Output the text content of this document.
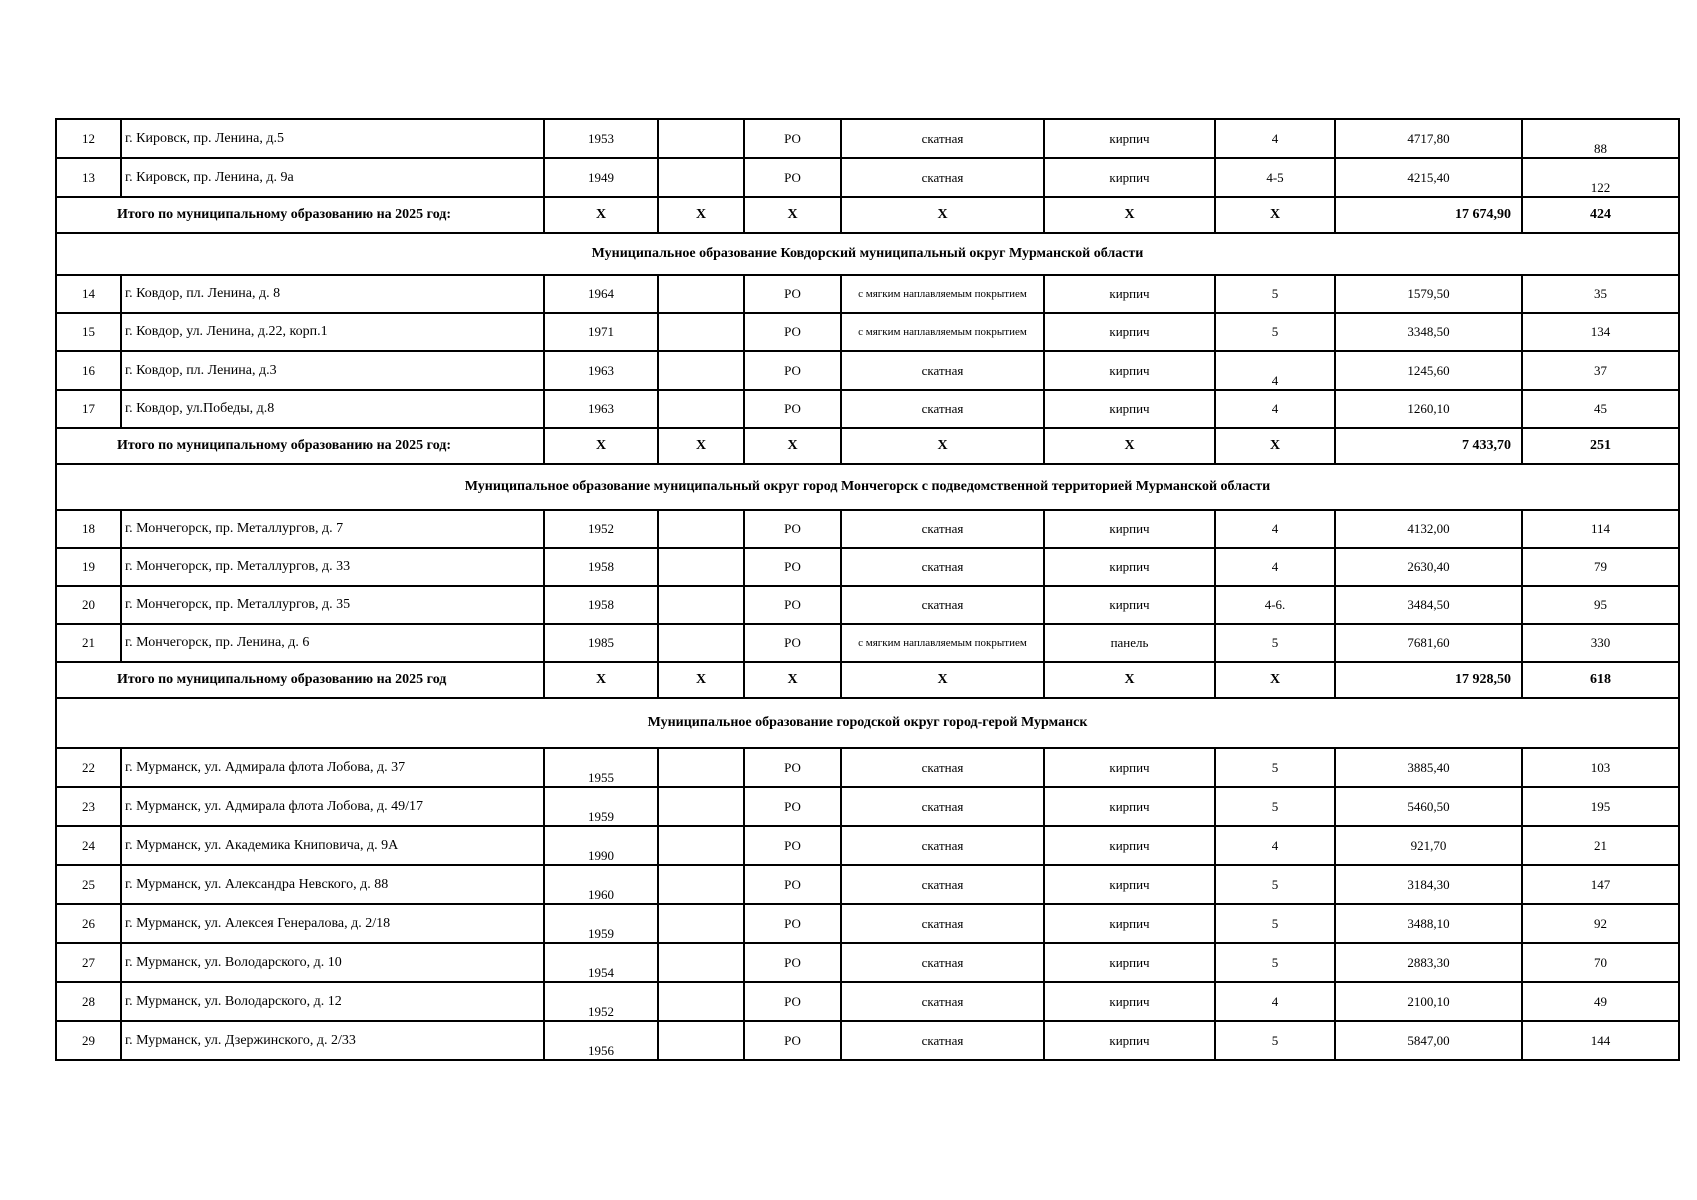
12	г. Кировск, пр. Ленина, д.5	1953		РО	скатная	кирпич	4	4717,80	88
13	г. Кировск, пр. Ленина, д. 9а	1949		РО	скатная	кирпич	4-5	4215,40	122
Итого по муниципальному образованию на 2025 год:		X	X	X	X	X	X	17 674,90	424
Муниципальное образование Ковдорский муниципальный округ Мурманской области									
14	г. Ковдор, пл. Ленина, д. 8	1964		РО	с мягким наплавляемым покрытием	кирпич	5	1579,50	35
15	г. Ковдор, ул. Ленина, д.22, корп.1	1971		РО	с мягким наплавляемым покрытием	кирпич	5	3348,50	134
16	г. Ковдор, пл. Ленина, д.3	1963		РО	скатная	кирпич	4	1245,60	37
17	г. Ковдор, ул.Победы, д.8	1963		РО	скатная	кирпич	4	1260,10	45
Итого по муниципальному образованию на 2025 год:		X	X	X	X	X	X	7 433,70	251
Муниципальное образование муниципальный округ город Мончегорск с подведомственной территорией Мурманской области									
18	г. Мончегорск, пр. Металлургов, д. 7	1952		РО	скатная	кирпич	4	4132,00	114
19	г. Мончегорск, пр. Металлургов, д. 33	1958		РО	скатная	кирпич	4	2630,40	79
20	г. Мончегорск, пр. Металлургов, д. 35	1958		РО	скатная	кирпич	4-6.	3484,50	95
21	г. Мончегорск, пр. Ленина, д. 6	1985		РО	с мягким наплавляемым покрытием	панель	5	7681,60	330
Итого по муниципальному образованию на 2025 год		X	X	X	X	X	X	17 928,50	618
Муниципальное образование городской округ город-герой Мурманск									
22	г. Мурманск, ул. Адмирала флота Лобова, д. 37	1955		РО	скатная	кирпич	5	3885,40	103
23	г. Мурманск, ул. Адмирала флота Лобова, д. 49/17	1959		РО	скатная	кирпич	5	5460,50	195
24	г. Мурманск, ул. Академика Книповича, д. 9А	1990		РО	скатная	кирпич	4	921,70	21
25	г. Мурманск, ул. Александра Невского, д. 88	1960		РО	скатная	кирпич	5	3184,30	147
26	г. Мурманск, ул. Алексея Генералова, д. 2/18	1959		РО	скатная	кирпич	5	3488,10	92
27	г. Мурманск, ул. Володарского, д. 10	1954		РО	скатная	кирпич	5	2883,30	70
28	г. Мурманск, ул. Володарского, д. 12	1952		РО	скатная	кирпич	4	2100,10	49
29	г. Мурманск, ул. Дзержинского, д. 2/33	1956		РО	скатная	кирпич	5	5847,00	144
